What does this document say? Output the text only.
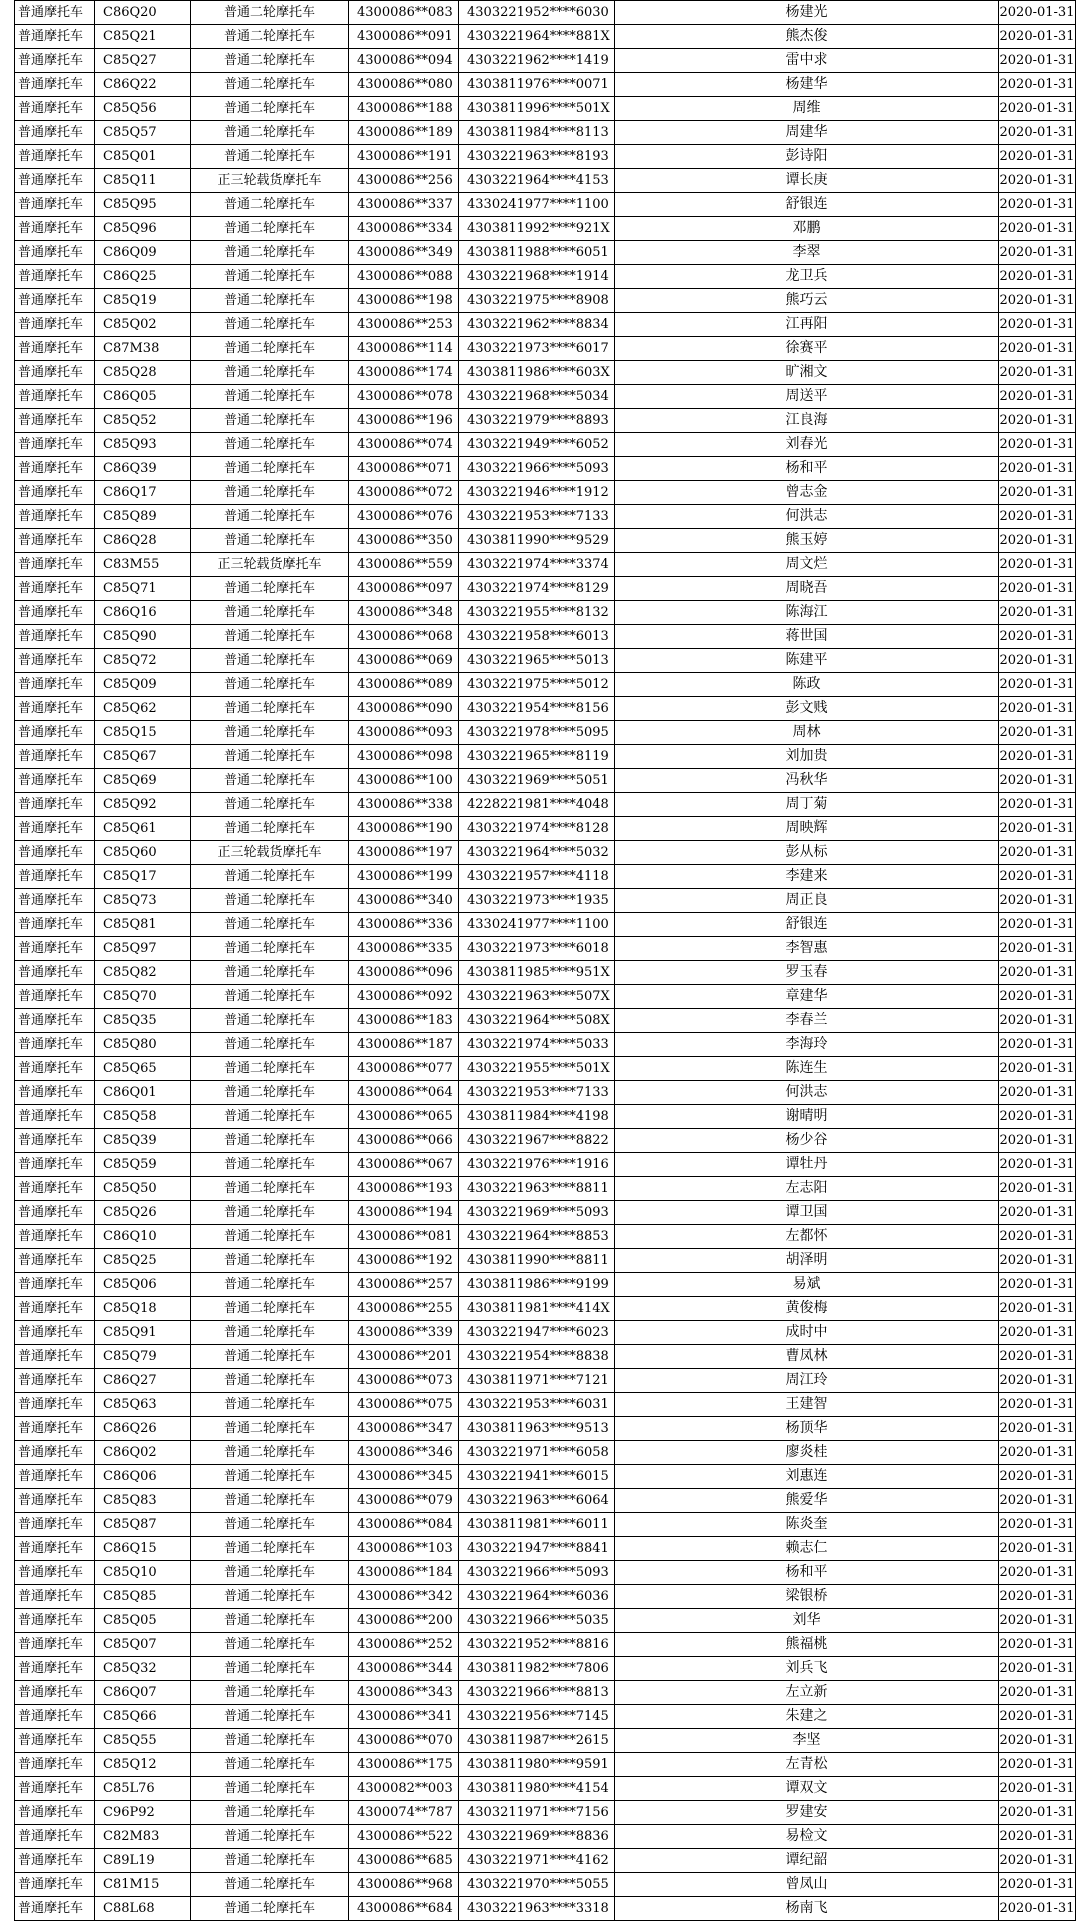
普通摩托车	C86Q20	普通二轮摩托车	4300086**083	4303221952****6030	杨建光	2020-01-31
普通摩托车	C85Q21	普通二轮摩托车	4300086**091	4303221964****881X	熊杰俊	2020-01-31
普通摩托车	C85Q27	普通二轮摩托车	4300086**094	4303221962****1419	雷中求	2020-01-31
普通摩托车	C86Q22	普通二轮摩托车	4300086**080	4303811976****0071	杨建华	2020-01-31
普通摩托车	C85Q56	普通二轮摩托车	4300086**188	4303811996****501X	周维	2020-01-31
普通摩托车	C85Q57	普通二轮摩托车	4300086**189	4303811984****8113	周建华	2020-01-31
普通摩托车	C85Q01	普通二轮摩托车	4300086**191	4303221963****8193	彭诗阳	2020-01-31
普通摩托车	C85Q11	正三轮载货摩托车	4300086**256	4303221964****4153	谭长庚	2020-01-31
普通摩托车	C85Q95	普通二轮摩托车	4300086**337	4330241977****1100	舒银连	2020-01-31
普通摩托车	C85Q96	普通二轮摩托车	4300086**334	4303811992****921X	邓鹏	2020-01-31
普通摩托车	C86Q09	普通二轮摩托车	4300086**349	4303811988****6051	李翠	2020-01-31
普通摩托车	C86Q25	普通二轮摩托车	4300086**088	4303221968****1914	龙卫兵	2020-01-31
普通摩托车	C85Q19	普通二轮摩托车	4300086**198	4303221975****8908	熊巧云	2020-01-31
普通摩托车	C85Q02	普通二轮摩托车	4300086**253	4303221962****8834	江再阳	2020-01-31
普通摩托车	C87M38	普通二轮摩托车	4300086**114	4303221973****6017	徐赛平	2020-01-31
普通摩托车	C85Q28	普通二轮摩托车	4300086**174	4303811986****603X	旷湘文	2020-01-31
普通摩托车	C86Q05	普通二轮摩托车	4300086**078	4303221968****5034	周送平	2020-01-31
普通摩托车	C85Q52	普通二轮摩托车	4300086**196	4303221979****8893	江良海	2020-01-31
普通摩托车	C85Q93	普通二轮摩托车	4300086**074	4303221949****6052	刘春光	2020-01-31
普通摩托车	C86Q39	普通二轮摩托车	4300086**071	4303221966****5093	杨和平	2020-01-31
普通摩托车	C86Q17	普通二轮摩托车	4300086**072	4303221946****1912	曾志金	2020-01-31
普通摩托车	C85Q89	普通二轮摩托车	4300086**076	4303221953****7133	何洪志	2020-01-31
普通摩托车	C86Q28	普通二轮摩托车	4300086**350	4303811990****9529	熊玉婷	2020-01-31
普通摩托车	C83M55	正三轮载货摩托车	4300086**559	4303221974****3374	周文烂	2020-01-31
普通摩托车	C85Q71	普通二轮摩托车	4300086**097	4303221974****8129	周晓吾	2020-01-31
普通摩托车	C86Q16	普通二轮摩托车	4300086**348	4303221955****8132	陈海江	2020-01-31
普通摩托车	C85Q90	普通二轮摩托车	4300086**068	4303221958****6013	蒋世国	2020-01-31
普通摩托车	C85Q72	普通二轮摩托车	4300086**069	4303221965****5013	陈建平	2020-01-31
普通摩托车	C85Q09	普通二轮摩托车	4300086**089	4303221975****5012	陈政	2020-01-31
普通摩托车	C85Q62	普通二轮摩托车	4300086**090	4303221954****8156	彭文贱	2020-01-31
普通摩托车	C85Q15	普通二轮摩托车	4300086**093	4303221978****5095	周林	2020-01-31
普通摩托车	C85Q67	普通二轮摩托车	4300086**098	4303221965****8119	刘加贵	2020-01-31
普通摩托车	C85Q69	普通二轮摩托车	4300086**100	4303221969****5051	冯秋华	2020-01-31
普通摩托车	C85Q92	普通二轮摩托车	4300086**338	4228221981****4048	周丁菊	2020-01-31
普通摩托车	C85Q61	普通二轮摩托车	4300086**190	4303221974****8128	周映辉	2020-01-31
普通摩托车	C85Q60	正三轮载货摩托车	4300086**197	4303221964****5032	彭从标	2020-01-31
普通摩托车	C85Q17	普通二轮摩托车	4300086**199	4303221957****4118	李建来	2020-01-31
普通摩托车	C85Q73	普通二轮摩托车	4300086**340	4303221973****1935	周正良	2020-01-31
普通摩托车	C85Q81	普通二轮摩托车	4300086**336	4330241977****1100	舒银连	2020-01-31
普通摩托车	C85Q97	普通二轮摩托车	4300086**335	4303221973****6018	李智惠	2020-01-31
普通摩托车	C85Q82	普通二轮摩托车	4300086**096	4303811985****951X	罗玉春	2020-01-31
普通摩托车	C85Q70	普通二轮摩托车	4300086**092	4303221963****507X	章建华	2020-01-31
普通摩托车	C85Q35	普通二轮摩托车	4300086**183	4303221964****508X	李春兰	2020-01-31
普通摩托车	C85Q80	普通二轮摩托车	4300086**187	4303221974****5033	李海玲	2020-01-31
普通摩托车	C85Q65	普通二轮摩托车	4300086**077	4303221955****501X	陈连生	2020-01-31
普通摩托车	C86Q01	普通二轮摩托车	4300086**064	4303221953****7133	何洪志	2020-01-31
普通摩托车	C85Q58	普通二轮摩托车	4300086**065	4303811984****4198	谢晴明	2020-01-31
普通摩托车	C85Q39	普通二轮摩托车	4300086**066	4303221967****8822	杨少谷	2020-01-31
普通摩托车	C85Q59	普通二轮摩托车	4300086**067	4303221976****1916	谭牡丹	2020-01-31
普通摩托车	C85Q50	普通二轮摩托车	4300086**193	4303221963****8811	左志阳	2020-01-31
普通摩托车	C85Q26	普通二轮摩托车	4300086**194	4303221969****5093	谭卫国	2020-01-31
普通摩托车	C86Q10	普通二轮摩托车	4300086**081	4303221964****8853	左都怀	2020-01-31
普通摩托车	C85Q25	普通二轮摩托车	4300086**192	4303811990****8811	胡泽明	2020-01-31
普通摩托车	C85Q06	普通二轮摩托车	4300086**257	4303811986****9199	易斌	2020-01-31
普通摩托车	C85Q18	普通二轮摩托车	4300086**255	4303811981****414X	黄俊梅	2020-01-31
普通摩托车	C85Q91	普通二轮摩托车	4300086**339	4303221947****6023	成时中	2020-01-31
普通摩托车	C85Q79	普通二轮摩托车	4300086**201	4303221954****8838	曹凤林	2020-01-31
普通摩托车	C86Q27	普通二轮摩托车	4300086**073	4303811971****7121	周江玲	2020-01-31
普通摩托车	C85Q63	普通二轮摩托车	4300086**075	4303221953****6031	王建智	2020-01-31
普通摩托车	C86Q26	普通二轮摩托车	4300086**347	4303811963****9513	杨顶华	2020-01-31
普通摩托车	C86Q02	普通二轮摩托车	4300086**346	4303221971****6058	廖炎桂	2020-01-31
普通摩托车	C86Q06	普通二轮摩托车	4300086**345	4303221941****6015	刘惠连	2020-01-31
普通摩托车	C85Q83	普通二轮摩托车	4300086**079	4303221963****6064	熊爱华	2020-01-31
普通摩托车	C85Q87	普通二轮摩托车	4300086**084	4303811981****6011	陈炎奎	2020-01-31
普通摩托车	C86Q15	普通二轮摩托车	4300086**103	4303221947****8841	赖志仁	2020-01-31
普通摩托车	C85Q10	普通二轮摩托车	4300086**184	4303221966****5093	杨和平	2020-01-31
普通摩托车	C85Q85	普通二轮摩托车	4300086**342	4303221964****6036	梁银桥	2020-01-31
普通摩托车	C85Q05	普通二轮摩托车	4300086**200	4303221966****5035	刘华	2020-01-31
普通摩托车	C85Q07	普通二轮摩托车	4300086**252	4303221952****8816	熊福桃	2020-01-31
普通摩托车	C85Q32	普通二轮摩托车	4300086**344	4303811982****7806	刘兵飞	2020-01-31
普通摩托车	C86Q07	普通二轮摩托车	4300086**343	4303221966****8813	左立新	2020-01-31
普通摩托车	C85Q66	普通二轮摩托车	4300086**341	4303221956****7145	朱建之	2020-01-31
普通摩托车	C85Q55	普通二轮摩托车	4300086**070	4303811987****2615	李坚	2020-01-31
普通摩托车	C85Q12	普通二轮摩托车	4300086**175	4303811980****9591	左青松	2020-01-31
普通摩托车	C85L76	普通二轮摩托车	4300082**003	4303811980****4154	谭双文	2020-01-31
普通摩托车	C96P92	普通二轮摩托车	4300074**787	4303211971****7156	罗建安	2020-01-31
普通摩托车	C82M83	普通二轮摩托车	4300086**522	4303221969****8836	易检文	2020-01-31
普通摩托车	C89L19	普通二轮摩托车	4300086**685	4303221971****4162	谭纪韶	2020-01-31
普通摩托车	C81M15	普通二轮摩托车	4300086**968	4303221970****5055	曾凤山	2020-01-31
普通摩托车	C88L68	普通二轮摩托车	4300086**684	4303221963****3318	杨南飞	2020-01-31
